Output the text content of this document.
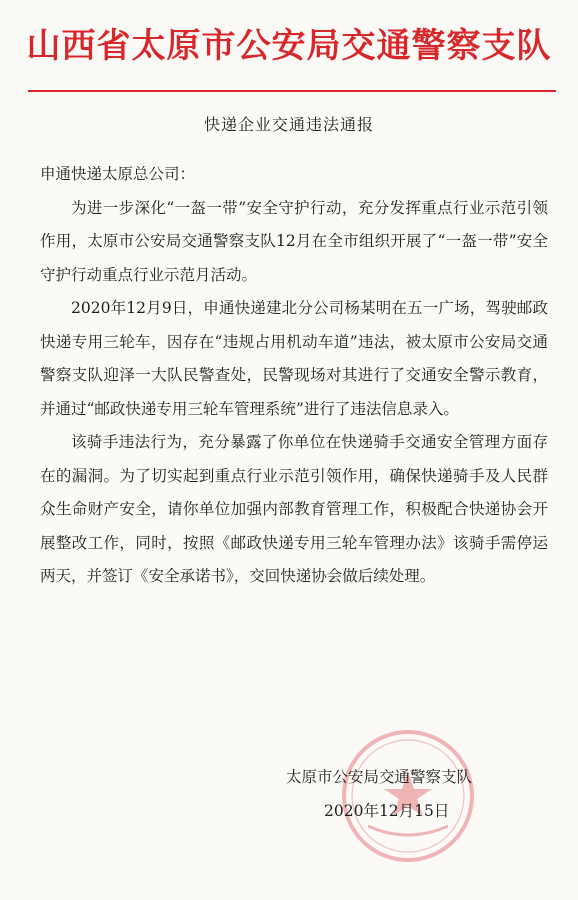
山西省太原市公安局交通警察支队
快递企业交通违法通报

申通快递太原总公司：

为进一步深化“一盔一带”安全守护行动，充分发挥重点行业示范引领作用，太原市公安局交通警察支队12月在全市组织开展了“一盔一带”安全守护行动重点行业示范月活动。

2020年12月9日，申通快递建北分公司杨某明在五一广场，驾驶邮政快递专用三轮车，因存在“违规占用机动车道”违法，被太原市公安局交通警察支队迎泽一大队民警查处，民警现场对其进行了交通安全警示教育，并通过“邮政快递专用三轮车管理系统”进行了违法信息录入。

该骑手违法行为，充分暴露了你单位在快递骑手交通安全管理方面存在的漏洞。为了切实起到重点行业示范引领作用，确保快递骑手及人民群众生命财产安全，请你单位加强内部教育管理工作，积极配合快递协会开展整改工作，同时，按照《邮政快递专用三轮车管理办法》该骑手需停运两天，并签订《安全承诺书》，交回快递协会做后续处理。

太原市公安局交通警察支队
2020年12月15日
